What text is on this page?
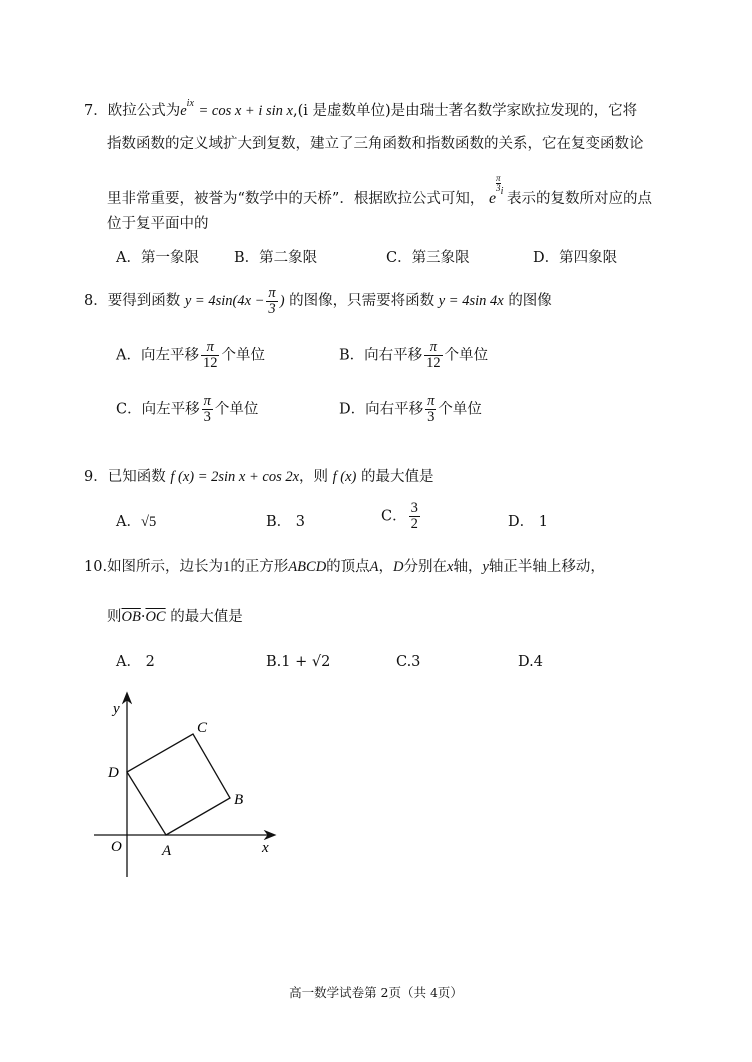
7．欧拉公式为$e^{ix} = \cos x + i$ sin x,(i 是虚数单位)是由瑞士著名数学家欧拉发现的，它将
指数函数的定义域扩大到复数，建立了三角函数和指数函数的关系，它在复变函数论
里非常重要，被誉为“数学中的天桥”．根据欧拉公式可知， e
$\frac{\pi}{3} ^i$ 表示的复数所对应的点
位于复平面中的
A．第一象限 B．第二象限	C．第三象限	D．第四象限
8．要得到函数 $y = 4\sin(4x - \frac{\pi}{3}$ ) 的图像，只需要将函数 y = 4sin 4x 的图像
A．向左平移 $\frac{\pi}{12}$ 个单位	B．向右平移 $\frac{\pi}{12}$ 个单位
C．向左平移 $\frac{\pi}{3}$ 个单位	D．向右平移 $\frac{\pi}{3}$ 个单位
9．已知函数 f (x) = 2sin x + cos 2x，则 f (x) 的最大值是
A．√5	B． 3	C． $\frac{3}{2}$	D． 1
10.如图所示，边长为1的正方形ABCD的顶点A，D分别在x轴，y轴正半轴上移动，
则$\overline{OB}\cdot\overline{OC}$ 的最大值是
A． 2	B.1 + √2	C.3	D.4
y
x
O	A
B
C
D
高一数学试卷第 2页（共 4页）
